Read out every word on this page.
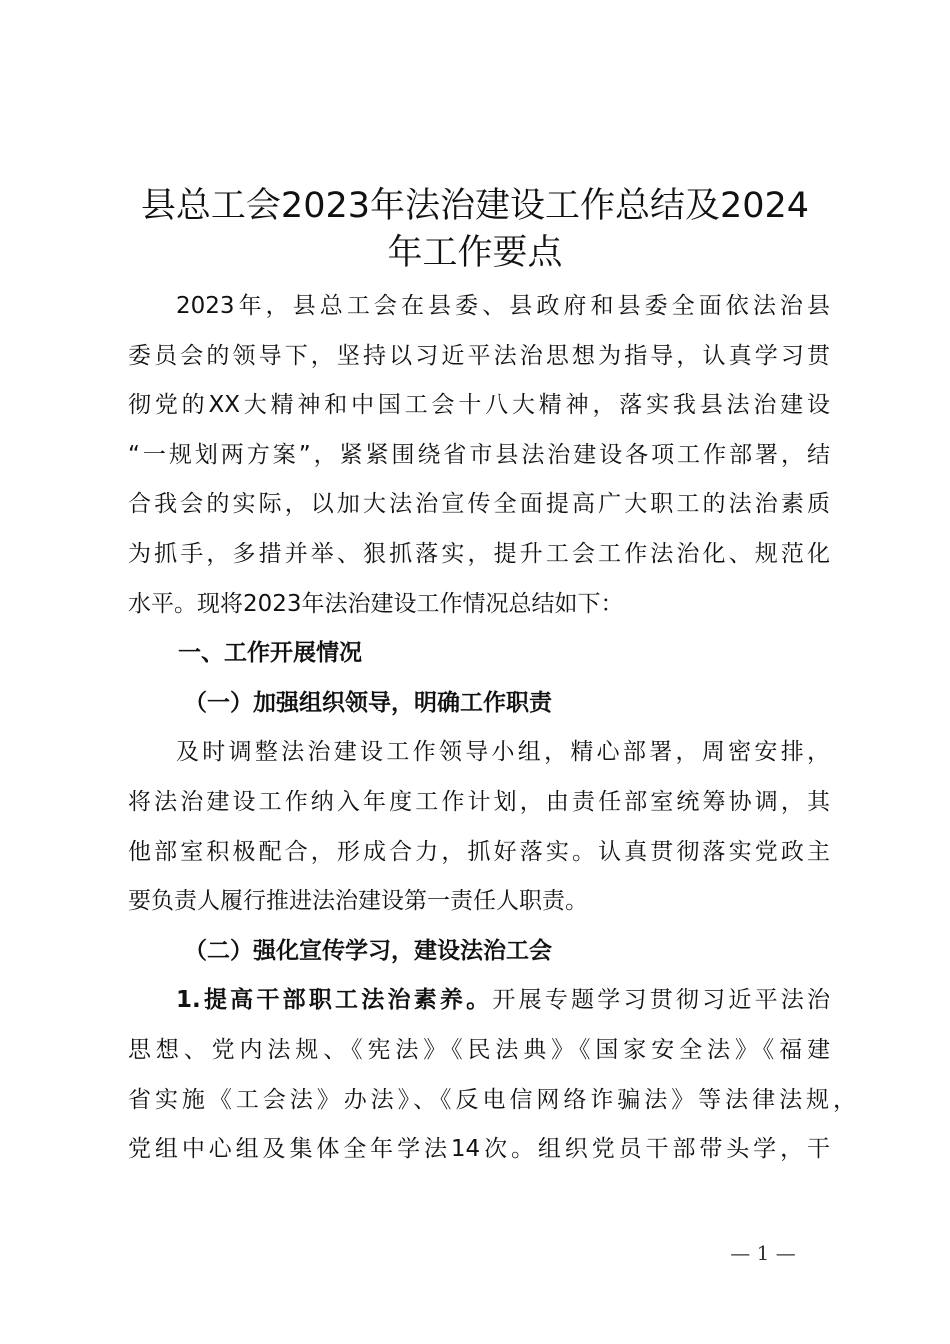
县总工会2023年法治建设工作总结及2024
年工作要点
2023年，县总工会在县委、县政府和县委全面依法治县
委员会的领导下，坚持以习近平法治思想为指导，认真学习贯
彻党的XX大精神和中国工会十八大精神，落实我县法治建设
“一规划两方案”，紧紧围绕省市县法治建设各项工作部署，结
合我会的实际，以加大法治宣传全面提高广大职工的法治素质
为抓手，多措并举、狠抓落实，提升工会工作法治化、规范化
水平。现将2023年法治建设工作情况总结如下：
一、工作开展情况
（一）加强组织领导，明确工作职责
及时调整法治建设工作领导小组，精心部署，周密安排，
将法治建设工作纳入年度工作计划，由责任部室统筹协调，其
他部室积极配合，形成合力，抓好落实。认真贯彻落实党政主
要负责人履行推进法治建设第一责任人职责。
（二）强化宣传学习，建设法治工会
1.提高干部职工法治素养。开展专题学习贯彻习近平法治
思想、党内法规、《宪法》《民法典》《国家安全法》《福建
省实施《工会法》办法》、《反电信网络诈骗法》等法律法规，
党组中心组及集体全年学法14次。组织党员干部带头学，干
— 1 —
